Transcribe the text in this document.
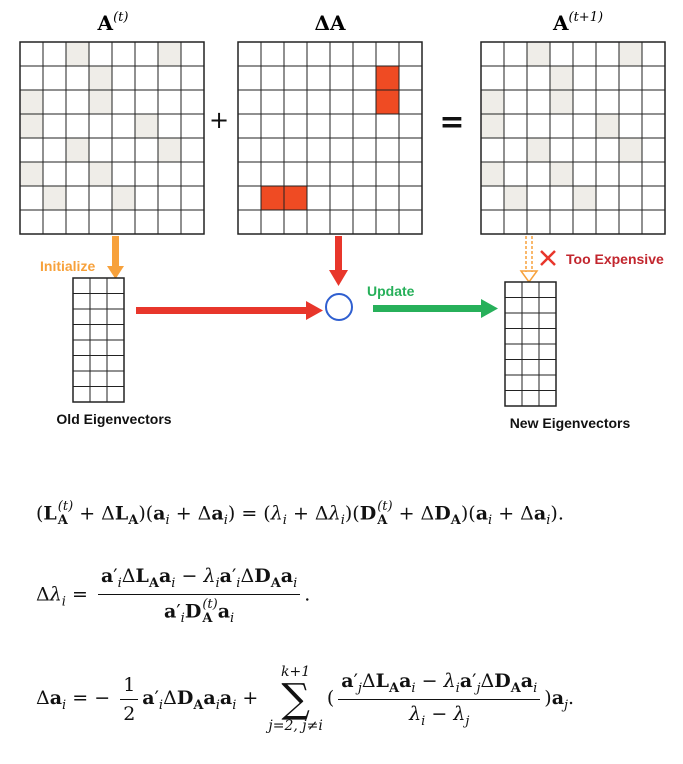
$A^{(t)}$	ΔA	$A^{(t+1)}$
+	=
Initialize
Old Eigenvectors
Update
Too Expensive
New Eigenvectors
(L (t)
$A + \Delta L_A)(a_i + \Delta a_i) = (\lambda_i + \Delta\lambda_i)(D$ (t)
$A + \Delta D_A)(a_i + \Delta a_i)$.
$\Delta\lambda_i = a'_i\Delta L_Aa_i - \lambda_ia'_i\Delta D_Aa_i$
$a'_iD$ (t)
A $a_i$ .
$\Delta a_i$ = − $\frac{1}{2} a'_i\Delta D_Aa_ia_i$ +
k+1
∑
j=2, j≠i
( $\frac{a'_j\Delta L_Aa_i - \lambda_ia'_j\Delta D_Aa_i}{\lambda_i - \lambda_j} )a_j$.
